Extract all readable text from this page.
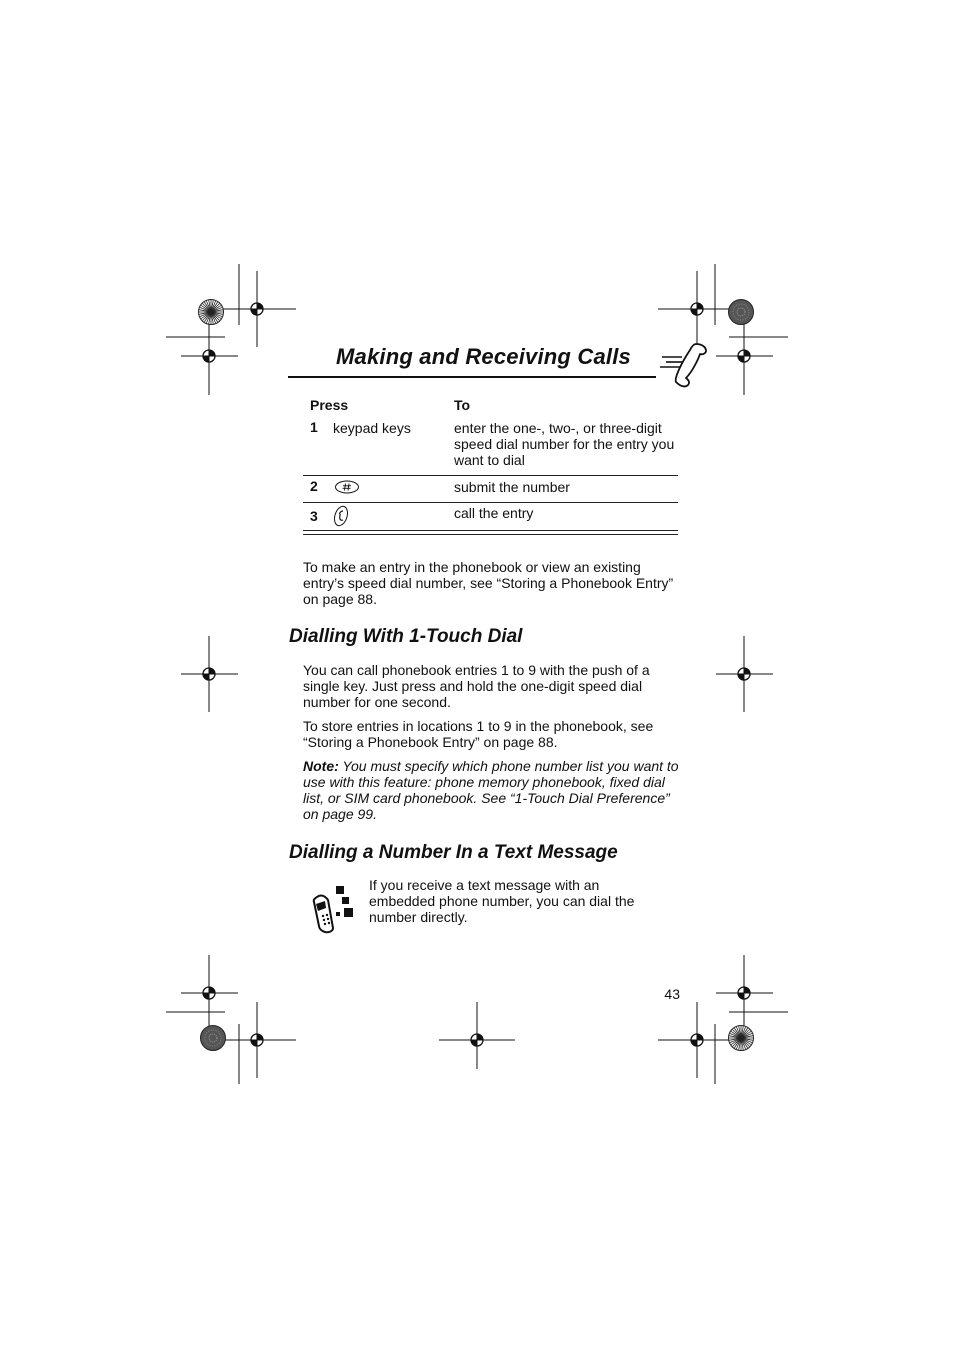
Making and Receiving Calls
Press	To
1 keypad keys	enter the one-, two-, or three-digit speed dial number for the entry you want to dial
2	submit the number
3	call the entry
To make an entry in the phonebook or view an existing entry’s speed dial number, see “Storing a Phonebook Entry” on page 88.
Dialling With 1-Touch Dial
You can call phonebook entries 1 to 9 with the push of a single key. Just press and hold the one-digit speed dial number for one second.
To store entries in locations 1 to 9 in the phonebook, see “Storing a Phonebook Entry” on page 88.
Note: You must specify which phone number list you want to use with this feature: phone memory phonebook, fixed dial list, or SIM card phonebook. See “1-Touch Dial Preference” on page 99.
Dialling a Number In a Text Message
If you receive a text message with an embedded phone number, you can dial the number directly.
43
